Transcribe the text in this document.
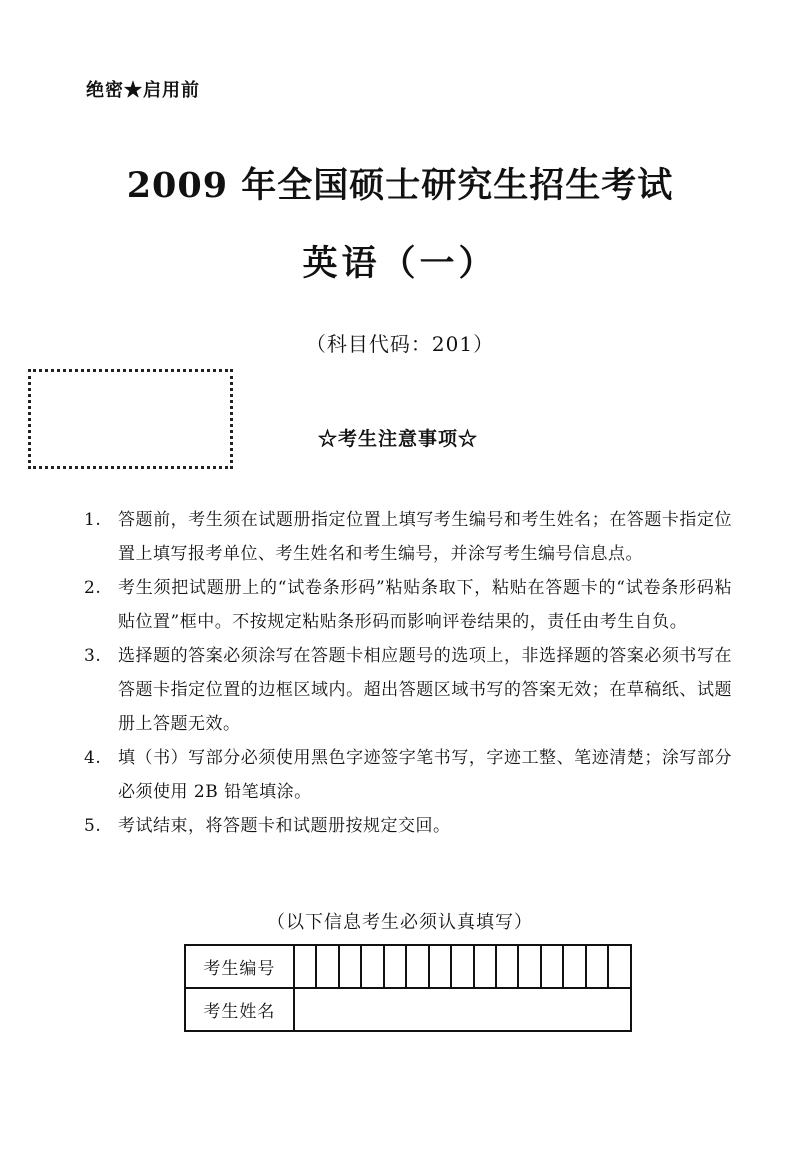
绝密★启用前
2009 年全国硕士研究生招生考试
英语（一）
（科目代码：201）
☆考生注意事项☆
1. 答题前，考生须在试题册指定位置上填写考生编号和考生姓名；在答题卡指定位置上填写报考单位、考生姓名和考生编号，并涂写考生编号信息点。
2. 考生须把试题册上的“试卷条形码”粘贴条取下，粘贴在答题卡的“试卷条形码粘贴位置”框中。不按规定粘贴条形码而影响评卷结果的，责任由考生自负。
3. 选择题的答案必须涂写在答题卡相应题号的选项上，非选择题的答案必须书写在答题卡指定位置的边框区域内。超出答题区域书写的答案无效；在草稿纸、试题册上答题无效。
4. 填（书）写部分必须使用黑色字迹签字笔书写，字迹工整、笔迹清楚；涂写部分必须使用 2B 铅笔填涂。
5. 考试结束，将答题卡和试题册按规定交回。
（以下信息考生必须认真填写）
考生编号															
考生姓名															
